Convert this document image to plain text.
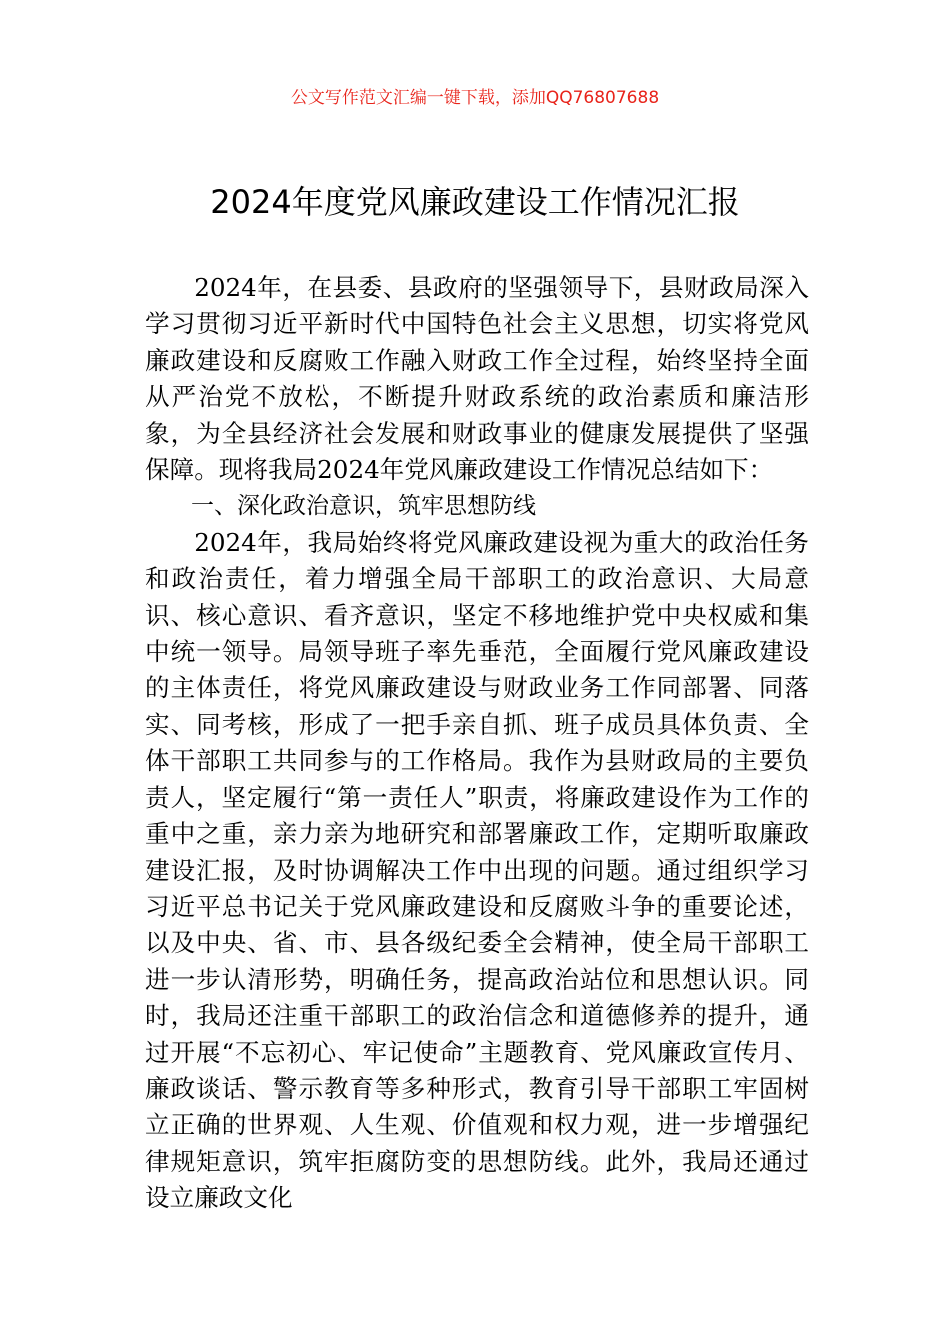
公文写作范文汇编一键下载，添加QQ76807688
2024年度党风廉政建设工作情况汇报

2024年，在县委、县政府的坚强领导下，县财政局深入学习贯彻习近平新时代中国特色社会主义思想，切实将党风廉政建设和反腐败工作融入财政工作全过程，始终坚持全面从严治党不放松，不断提升财政系统的政治素质和廉洁形象，为全县经济社会发展和财政事业的健康发展提供了坚强保障。现将我局2024年党风廉政建设工作情况总结如下：

一、深化政治意识，筑牢思想防线

2024年，我局始终将党风廉政建设视为重大的政治任务和政治责任，着力增强全局干部职工的政治意识、大局意识、核心意识、看齐意识，坚定不移地维护党中央权威和集中统一领导。局领导班子率先垂范，全面履行党风廉政建设的主体责任，将党风廉政建设与财政业务工作同部署、同落实、同考核，形成了一把手亲自抓、班子成员具体负责、全体干部职工共同参与的工作格局。我作为县财政局的主要负责人，坚定履行“第一责任人”职责，将廉政建设作为工作的重中之重，亲力亲为地研究和部署廉政工作，定期听取廉政建设汇报，及时协调解决工作中出现的问题。通过组织学习习近平总书记关于党风廉政建设和反腐败斗争的重要论述，以及中央、省、市、县各级纪委全会精神，使全局干部职工进一步认清形势，明确任务，提高政治站位和思想认识。同时，我局还注重干部职工的政治信念和道德修养的提升，通过开展“不忘初心、牢记使命”主题教育、党风廉政宣传月、廉政谈话、警示教育等多种形式，教育引导干部职工牢固树立正确的世界观、人生观、价值观和权力观，进一步增强纪律规矩意识，筑牢拒腐防变的思想防线。此外，我局还通过设立廉政文化
